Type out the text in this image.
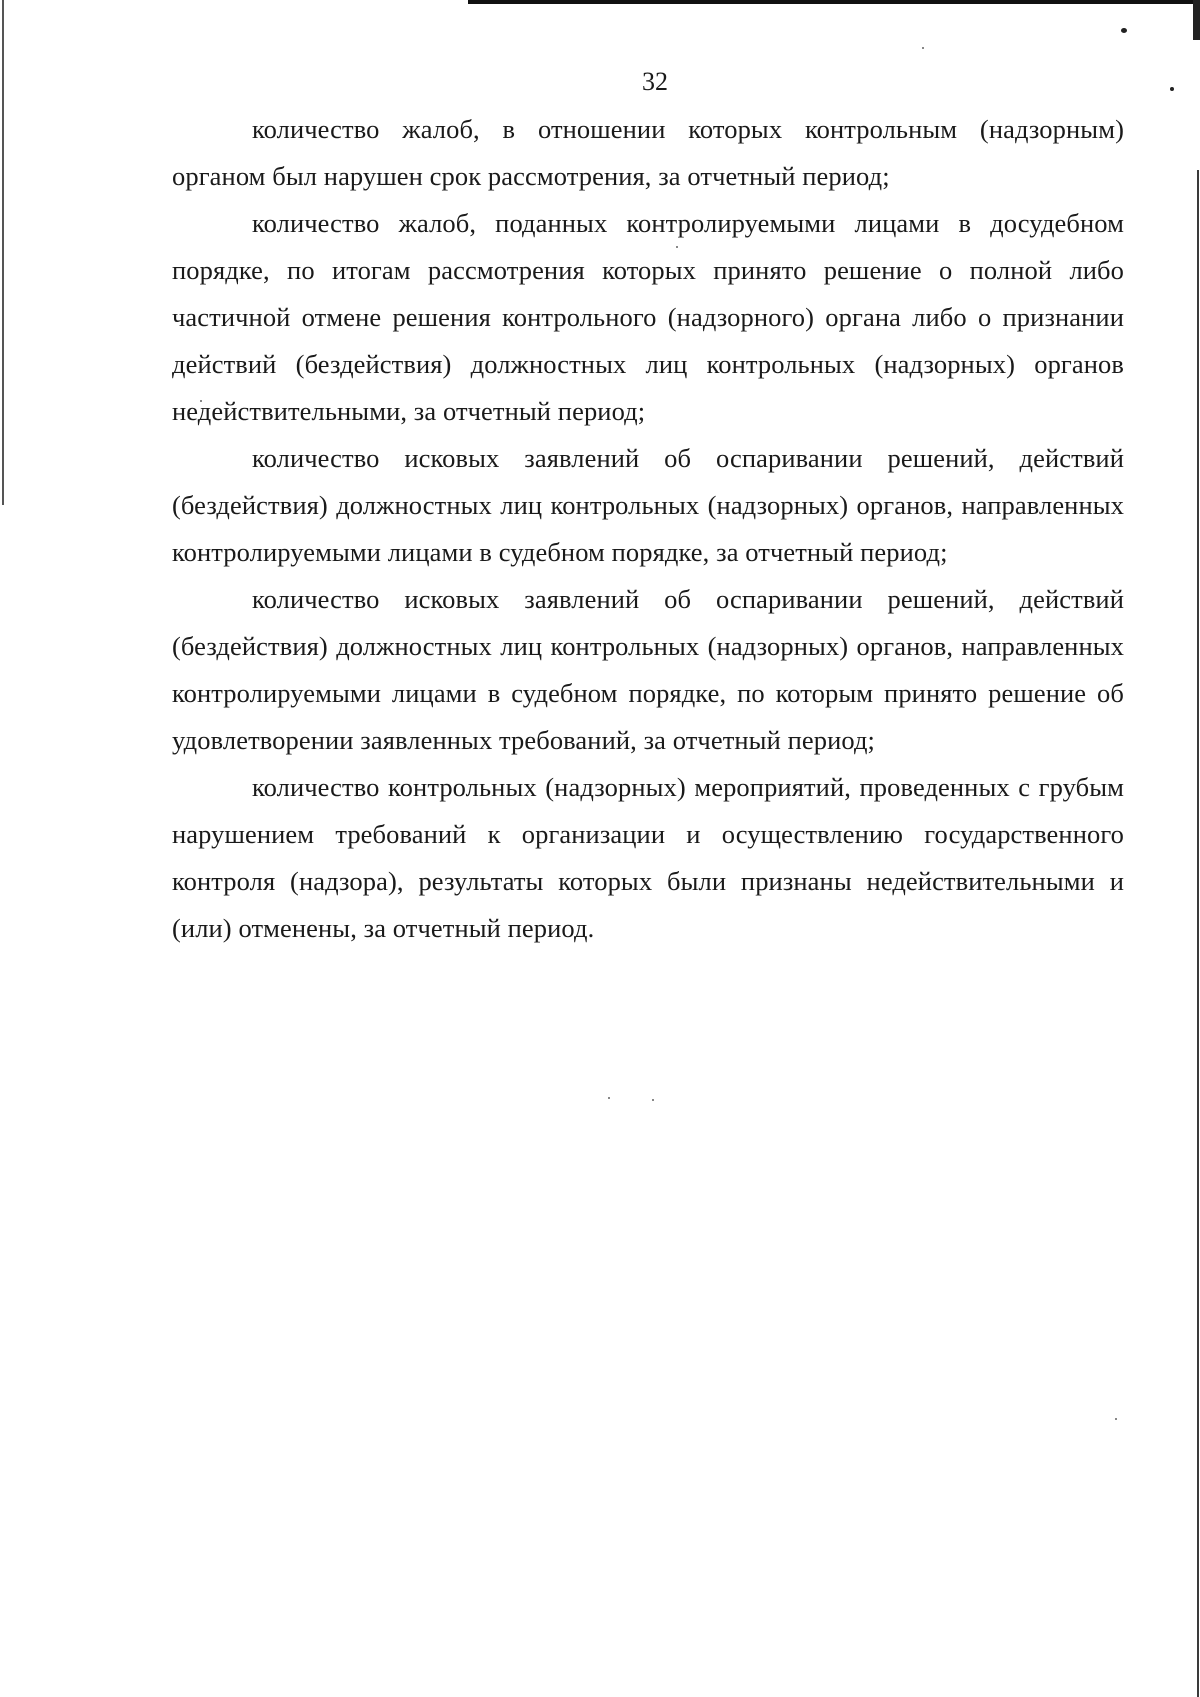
32

количество жалоб, в отношении которых контрольным (надзорным) органом был нарушен срок рассмотрения, за отчетный период;

количество жалоб, поданных контролируемыми лицами в досудебном порядке, по итогам рассмотрения которых принято решение о полной либо частичной отмене решения контрольного (надзорного) органа либо о признании действий (бездействия) должностных лиц контрольных (надзорных) органов недействительными, за отчетный период;

количество исковых заявлений об оспаривании решений, действий (бездействия) должностных лиц контрольных (надзорных) органов, направленных контролируемыми лицами в судебном порядке, за отчетный период;

количество исковых заявлений об оспаривании решений, действий (бездействия) должностных лиц контрольных (надзорных) органов, направленных контролируемыми лицами в судебном порядке, по которым принято решение об удовлетворении заявленных требований, за отчетный период;

количество контрольных (надзорных) мероприятий, проведенных с грубым нарушением требований к организации и осуществлению государственного контроля (надзора), результаты которых были признаны недействительными и (или) отменены, за отчетный период.
